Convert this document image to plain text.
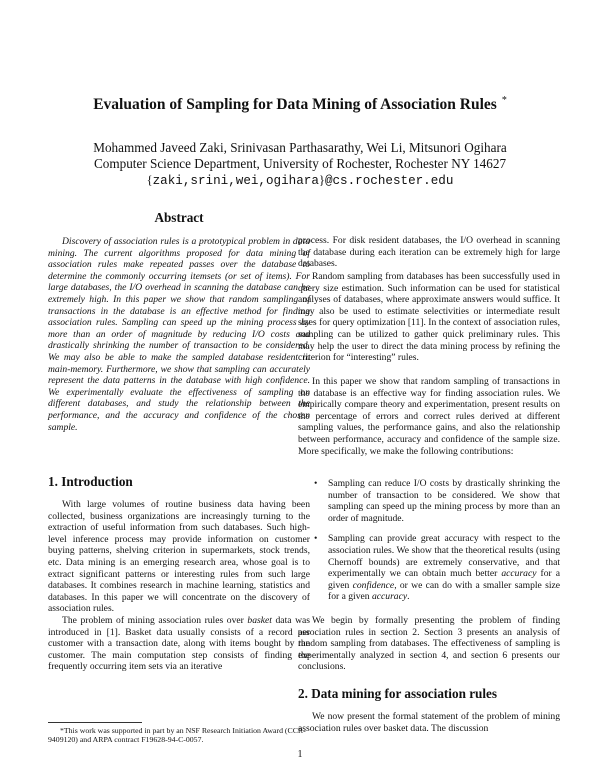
Evaluation of Sampling for Data Mining of Association Rules *
Mohammed Javeed Zaki, Srinivasan Parthasarathy, Wei Li, Mitsunori Ogihara
Computer Science Department, University of Rochester, Rochester NY 14627
{zaki,srini,wei,ogihara}@cs.rochester.edu
Abstract
Discovery of association rules is a prototypical problem in data mining. The current algorithms proposed for data mining of association rules make repeated passes over the database to determine the commonly occurring itemsets (or set of items). For large databases, the I/O overhead in scanning the database can be extremely high. In this paper we show that random sampling of transactions in the database is an effective method for finding association rules. Sampling can speed up the mining process by more than an order of magnitude by reducing I/O costs and drastically shrinking the number of transaction to be considered. We may also be able to make the sampled database resident in main-memory. Furthermore, we show that sampling can accurately represent the data patterns in the database with high confidence. We experimentally evaluate the effectiveness of sampling on different databases, and study the relationship between the performance, and the accuracy and confidence of the chosen sample.
1. Introduction
With large volumes of routine business data having been collected, business organizations are increasingly turning to the extraction of useful information from such databases. Such high-level inference process may provide information on customer buying patterns, shelving criterion in supermarkets, stock trends, etc. Data mining is an emerging research area, whose goal is to extract significant patterns or interesting rules from such large databases. It combines research in machine learning, statistics and databases. In this paper we will concentrate on the discovery of association rules.
The problem of mining association rules over basket data was introduced in [1]. Basket data usually consists of a record per customer with a transaction date, along with items bought by the customer. The main computation step consists of finding the frequently occurring item sets via an iterative
*This work was supported in part by an NSF Research Initiation Award (CCR-9409120) and ARPA contract F19628-94-C-0057.
process. For disk resident databases, the I/O overhead in scanning the database during each iteration can be extremely high for large databases.
Random sampling from databases has been successfully used in query size estimation. Such information can be used for statistical analyses of databases, where approximate answers would suffice. It may also be used to estimate selectivities or intermediate result sizes for query optimization [11]. In the context of association rules, sampling can be utilized to gather quick preliminary rules. This may help the user to direct the data mining process by refining the criterion for “interesting” rules.
In this paper we show that random sampling of transactions in the database is an effective way for finding association rules. We empirically compare theory and experimentation, present results on the percentage of errors and correct rules derived at different sampling values, the performance gains, and also the relationship between performance, accuracy and confidence of the sample size. More specifically, we make the following contributions:
• Sampling can reduce I/O costs by drastically shrinking the number of transaction to be considered. We show that sampling can speed up the mining process by more than an order of magnitude.
• Sampling can provide great accuracy with respect to the association rules. We show that the theoretical results (using Chernoff bounds) are extremely conservative, and that experimentally we can obtain much better accuracy for a given confidence, or we can do with a smaller sample size for a given accuracy.
We begin by formally presenting the problem of finding association rules in section 2. Section 3 presents an analysis of random sampling from databases. The effectiveness of sampling is experimentally analyzed in section 4, and section 6 presents our conclusions.
2. Data mining for association rules
We now present the formal statement of the problem of mining association rules over basket data. The discussion
1
